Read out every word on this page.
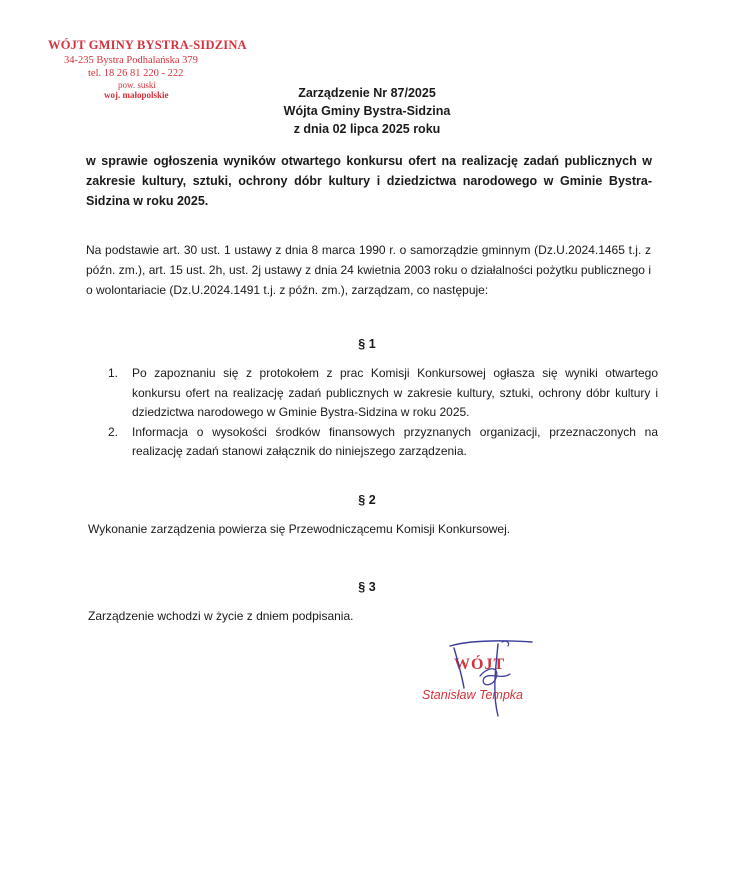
WÓJT GMINY BYSTRA-SIDZINA
34-235 Bystra Podhalańska 379
tel. 18 26 81 220 - 222
pow. suski
woj. małopolskie	Zarządzenie Nr 87/2025
Wójta Gminy Bystra-Sidzina
z dnia 02 lipca 2025 roku
w sprawie ogłoszenia wyników otwartego konkursu ofert na realizację zadań publicznych w zakresie kultury, sztuki, ochrony dóbr kultury i dziedzictwa narodowego w Gminie Bystra-Sidzina w roku 2025.
Na podstawie art. 30 ust. 1 ustawy z dnia 8 marca 1990 r. o samorządzie gminnym (Dz.U.2024.1465 t.j. z późn. zm.), art. 15 ust. 2h, ust. 2j ustawy z dnia 24 kwietnia 2003 roku o działalności pożytku publicznego i o wolontariacie (Dz.U.2024.1491 t.j. z późn. zm.), zarządzam, co następuje:
§ 1
1. Po zapoznaniu się z protokołem z prac Komisji Konkursowej ogłasza się wyniki otwartego konkursu ofert na realizację zadań publicznych w zakresie kultury, sztuki, ochrony dóbr kultury i dziedzictwa narodowego w Gminie Bystra-Sidzina w roku 2025.
2. Informacja o wysokości środków finansowych przyznanych organizacji, przeznaczonych na realizację zadań stanowi załącznik do niniejszego zarządzenia.
§ 2
Wykonanie zarządzenia powierza się Przewodniczącemu Komisji Konkursowej.
§ 3
Zarządzenie wchodzi w życie z dniem podpisania.
WÓJT
Stanisław Tempka
